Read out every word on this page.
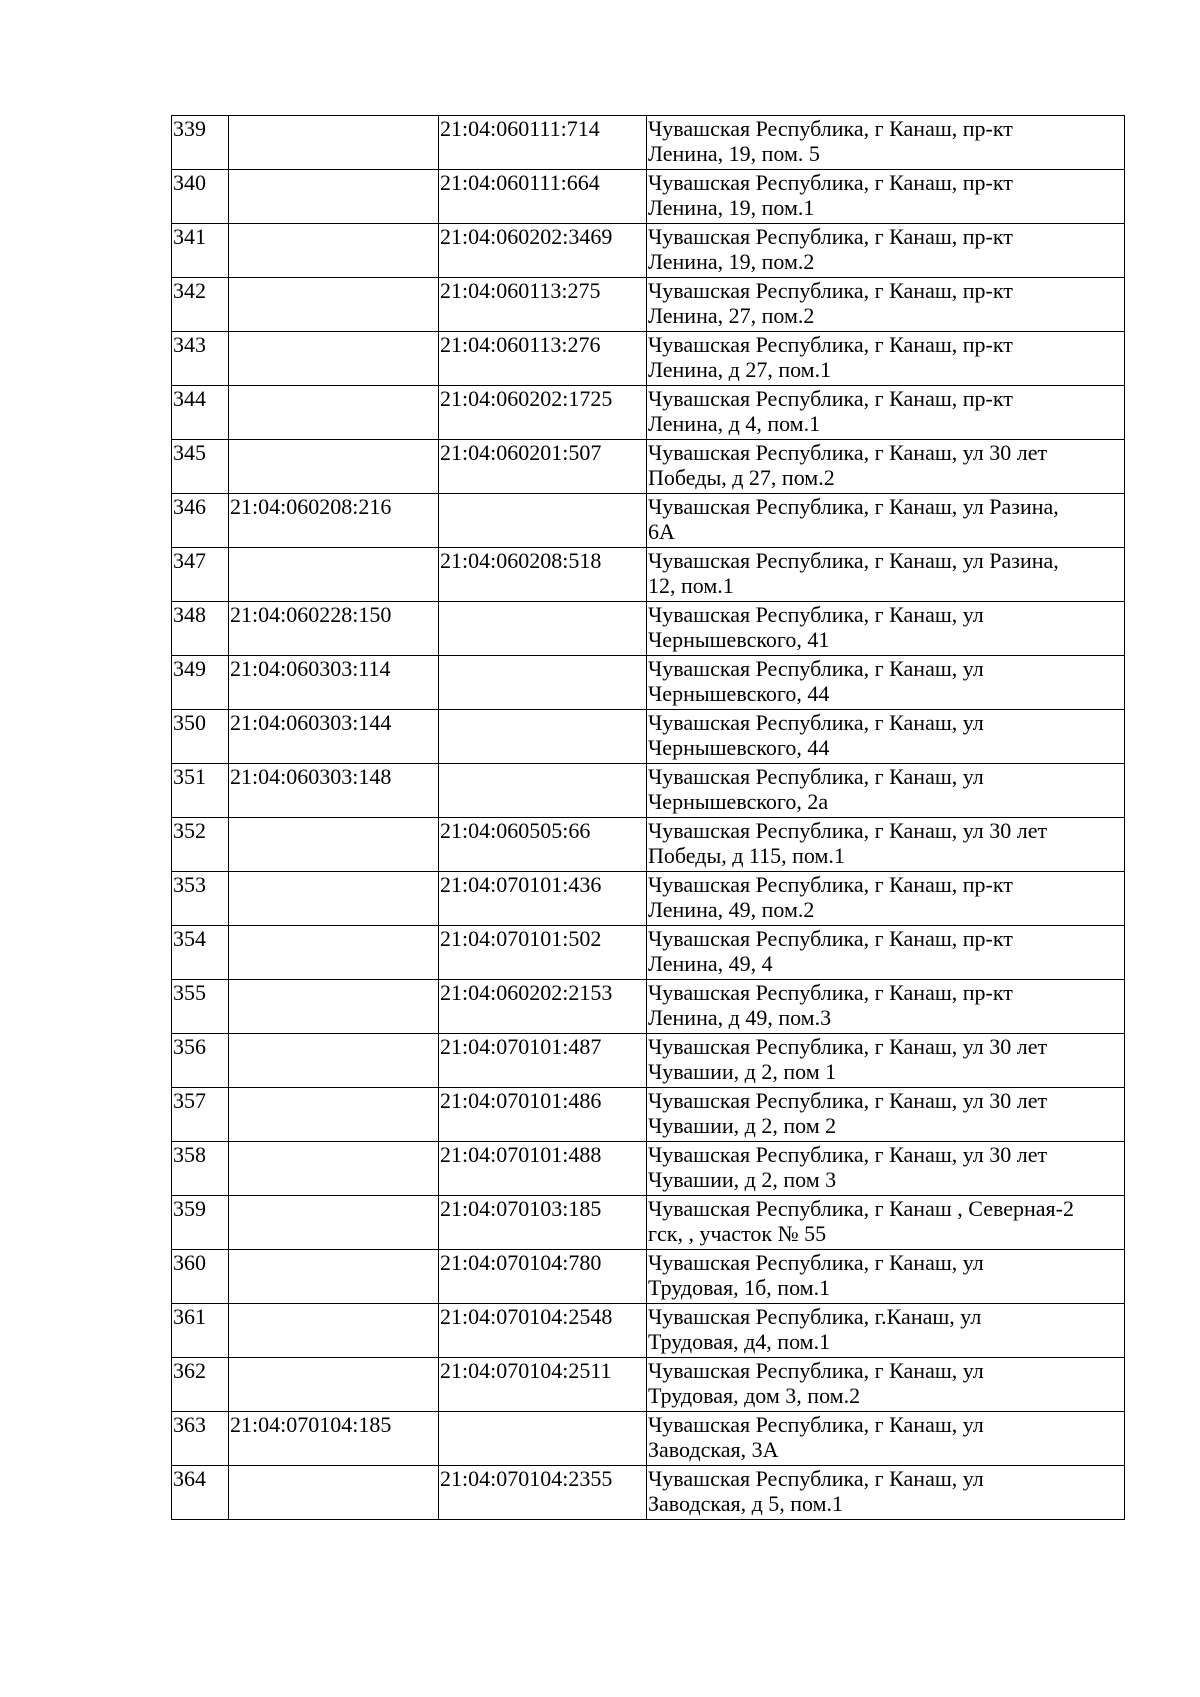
339		21:04:060111:714	Чувашская Республика, г Канаш, пр-кт
Ленина, 19, пом. 5
340		21:04:060111:664	Чувашская Республика, г Канаш, пр-кт
Ленина, 19, пом.1
341		21:04:060202:3469	Чувашская Республика, г Канаш, пр-кт
Ленина, 19, пом.2
342		21:04:060113:275	Чувашская Республика, г Канаш, пр-кт
Ленина, 27, пом.2
343		21:04:060113:276	Чувашская Республика, г Канаш, пр-кт
Ленина, д 27, пом.1
344		21:04:060202:1725	Чувашская Республика, г Канаш, пр-кт
Ленина, д 4, пом.1
345		21:04:060201:507	Чувашская Республика, г Канаш, ул 30 лет
Победы, д 27, пом.2
346	21:04:060208:216		Чувашская Республика, г Канаш, ул Разина,
6А
347		21:04:060208:518	Чувашская Республика, г Канаш, ул Разина,
12, пом.1
348	21:04:060228:150		Чувашская Республика, г Канаш, ул
Чернышевского, 41
349	21:04:060303:114		Чувашская Республика, г Канаш, ул
Чернышевского, 44
350	21:04:060303:144		Чувашская Республика, г Канаш, ул
Чернышевского, 44
351	21:04:060303:148		Чувашская Республика, г Канаш, ул
Чернышевского, 2а
352		21:04:060505:66	Чувашская Республика, г Канаш, ул 30 лет
Победы, д 115, пом.1
353		21:04:070101:436	Чувашская Республика, г Канаш, пр-кт
Ленина, 49, пом.2
354		21:04:070101:502	Чувашская Республика, г Канаш, пр-кт
Ленина, 49, 4
355		21:04:060202:2153	Чувашская Республика, г Канаш, пр-кт
Ленина, д 49, пом.3
356		21:04:070101:487	Чувашская Республика, г Канаш, ул 30 лет
Чувашии, д 2, пом 1
357		21:04:070101:486	Чувашская Республика, г Канаш, ул 30 лет
Чувашии, д 2, пом 2
358		21:04:070101:488	Чувашская Республика, г Канаш, ул 30 лет
Чувашии, д 2, пом 3
359		21:04:070103:185	Чувашская Республика, г Канаш , Северная-2
гск, , участок № 55
360		21:04:070104:780	Чувашская Республика, г Канаш, ул
Трудовая, 1б, пом.1
361		21:04:070104:2548	Чувашская Республика, г.Канаш, ул
Трудовая, д4, пом.1
362		21:04:070104:2511	Чувашская Республика, г Канаш, ул
Трудовая, дом 3, пом.2
363	21:04:070104:185		Чувашская Республика, г Канаш, ул
Заводская, 3А
364		21:04:070104:2355	Чувашская Республика, г Канаш, ул
Заводская, д 5, пом.1
